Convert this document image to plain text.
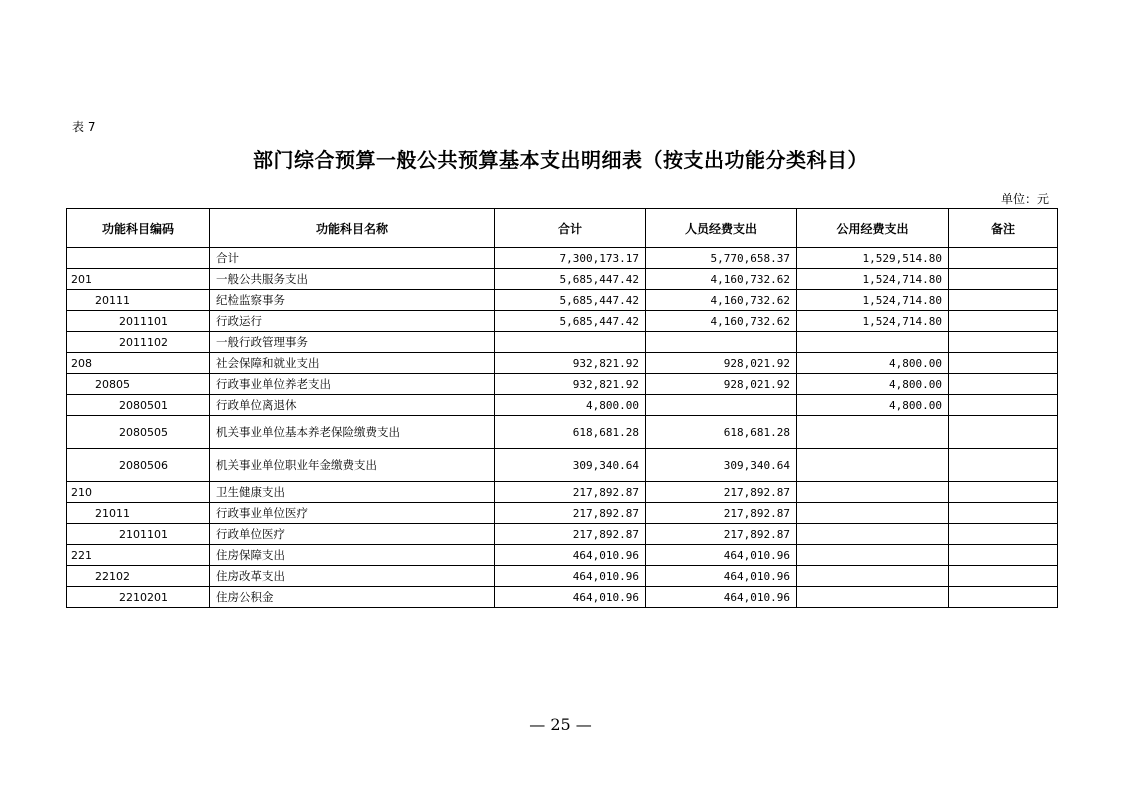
表 7
部门综合预算一般公共预算基本支出明细表（按支出功能分类科目）
单位：元
功能科目编码	功能科目名称	合计	人员经费支出	公用经费支出	备注
	合计	7,300,173.17	5,770,658.37	1,529,514.80	
201	一般公共服务支出	5,685,447.42	4,160,732.62	1,524,714.80	
20111	纪检监察事务	5,685,447.42	4,160,732.62	1,524,714.80	
2011101	行政运行	5,685,447.42	4,160,732.62	1,524,714.80	
2011102	一般行政管理事务				
208	社会保障和就业支出	932,821.92	928,021.92	4,800.00	
20805	行政事业单位养老支出	932,821.92	928,021.92	4,800.00	
2080501	行政单位离退休	4,800.00		4,800.00	
2080505	机关事业单位基本养老保险缴费支出	618,681.28	618,681.28		
2080506	机关事业单位职业年金缴费支出	309,340.64	309,340.64		
210	卫生健康支出	217,892.87	217,892.87		
21011	行政事业单位医疗	217,892.87	217,892.87		
2101101	行政单位医疗	217,892.87	217,892.87		
221	住房保障支出	464,010.96	464,010.96		
22102	住房改革支出	464,010.96	464,010.96		
2210201	住房公积金	464,010.96	464,010.96		
— 25 —
